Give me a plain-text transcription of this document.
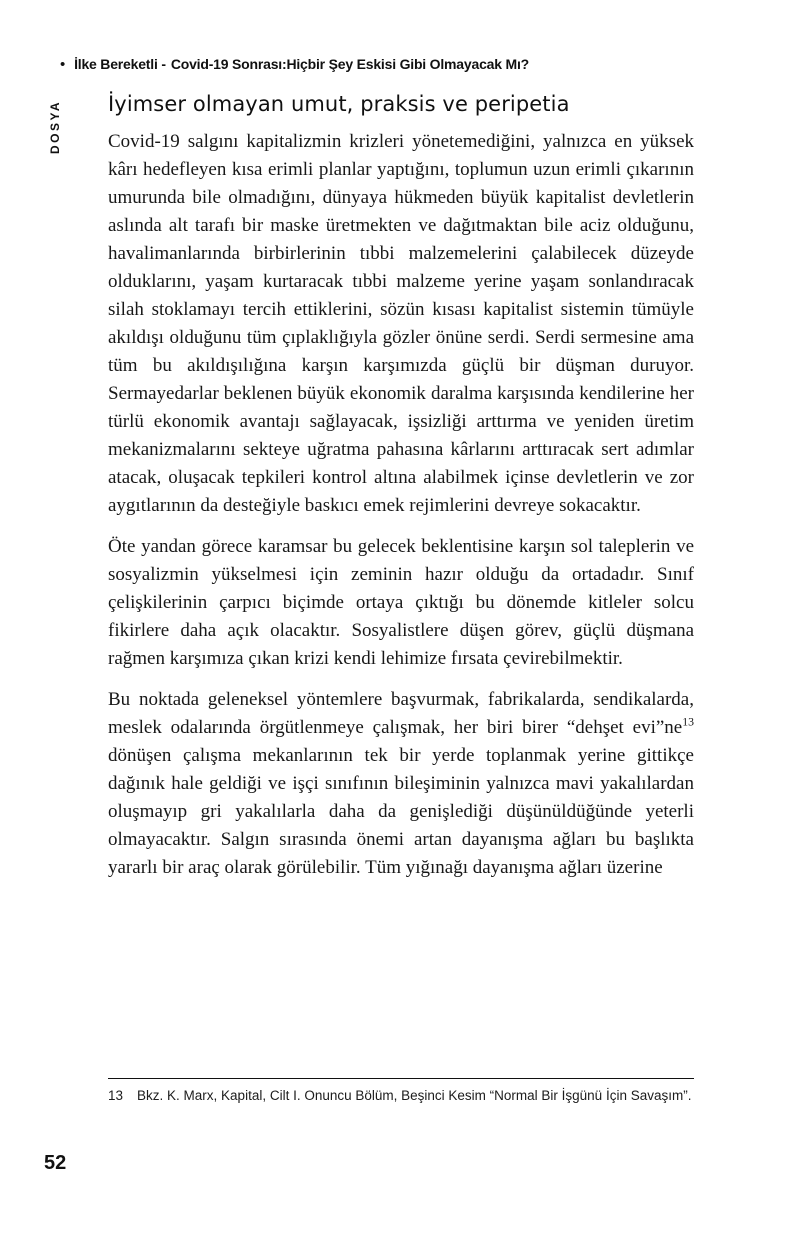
• İlke Bereketli - Covid-19 Sonrası:Hiçbir Şey Eskisi Gibi Olmayacak Mı?
DOSYA İyimser olmayan umut, praksis ve peripetia

Covid-19 salgını kapitalizmin krizleri yönetemediğini, yalnızca en yüksek kârı hedefleyen kısa erimli planlar yaptığını, toplumun uzun erimli çıkarının umurunda bile olmadığını, dünyaya hükmeden büyük kapitalist devletlerin aslında alt tarafı bir maske üretmekten ve dağıtmaktan bile aciz olduğunu, havalimanlarında birbirlerinin tıbbi malzemelerini çalabilecek düzeyde olduklarını, yaşam kurtaracak tıbbi malzeme yerine yaşam sonlandıracak silah stoklamayı tercih ettiklerini, sözün kısası kapitalist sistemin tümüyle akıldışı olduğunu tüm çıplaklığıyla gözler önüne serdi. Serdi sermesine ama tüm bu akıldışılığına karşın karşımızda güçlü bir düşman duruyor. Sermayedarlar beklenen büyük ekonomik daralma karşısında kendilerine her türlü ekonomik avantajı sağlayacak, işsizliği arttırma ve yeniden üretim mekanizmalarını sekteye uğratma pahasına kârlarını arttıracak sert adımlar atacak, oluşacak tepkileri kontrol altına alabilmek içinse devletlerin ve zor aygıtlarının da desteğiyle baskıcı emek rejimlerini devreye sokacaktır.

Öte yandan görece karamsar bu gelecek beklentisine karşın sol taleplerin ve sosyalizmin yükselmesi için zeminin hazır olduğu da ortadadır. Sınıf çelişkilerinin çarpıcı biçimde ortaya çıktığı bu dönemde kitleler solcu fikirlere daha açık olacaktır. Sosyalistlere düşen görev, güçlü düşmana rağmen karşımıza çıkan krizi kendi lehimize fırsata çevirebilmektir.

Bu noktada geleneksel yöntemlere başvurmak, fabrikalarda, sendikalarda, meslek odalarında örgütlenmeye çalışmak, her biri birer “dehşet $evi”ne^{13}$ dönüşen çalışma mekanlarının tek bir yerde toplanmak yerine gittikçe dağınık hale geldiği ve işçi sınıfının bileşiminin yalnızca mavi yakalılardan oluşmayıp gri yakalılarla daha da genişlediği düşünüldüğünde yeterli olmayacaktır. Salgın sırasında önemi artan dayanışma ağları bu başlıkta yararlı bir araç olarak görülebilir. Tüm yığınağı dayanışma ağları üzerine

13 Bkz. K. Marx, Kapital, Cilt I. Onuncu Bölüm, Beşinci Kesim “Normal Bir İşgünü İçin Savaşım”.
52
